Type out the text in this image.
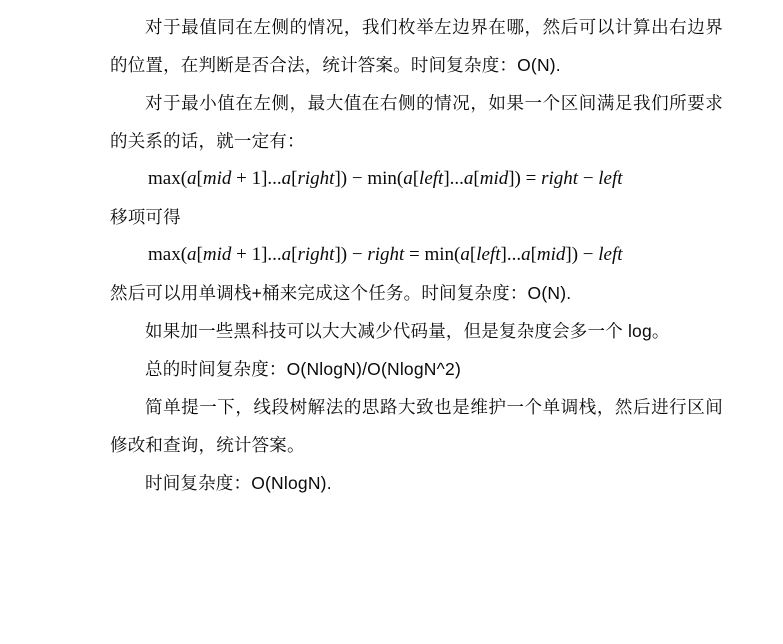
对于最值同在左侧的情况，我们枚举左边界在哪，然后可以计算出右边界的位置，在判断是否合法，统计答案。时间复杂度：O(N).

对于最小值在左侧，最大值在右侧的情况，如果一个区间满足我们所要求的关系的话，就一定有：

max(a[mid + 1]...a[right]) − min(a[left]...a[mid]) = right − left

移项可得

max(a[mid + 1]...a[right]) − right = min(a[left]...a[mid]) − left

然后可以用单调栈+桶来完成这个任务。时间复杂度：O(N).

如果加一些黑科技可以大大减少代码量，但是复杂度会多一个 log。

总的时间复杂度：O(NlogN)/O(NlogN^2)

简单提一下，线段树解法的思路大致也是维护一个单调栈，然后进行区间修改和查询，统计答案。

时间复杂度：O(NlogN).
